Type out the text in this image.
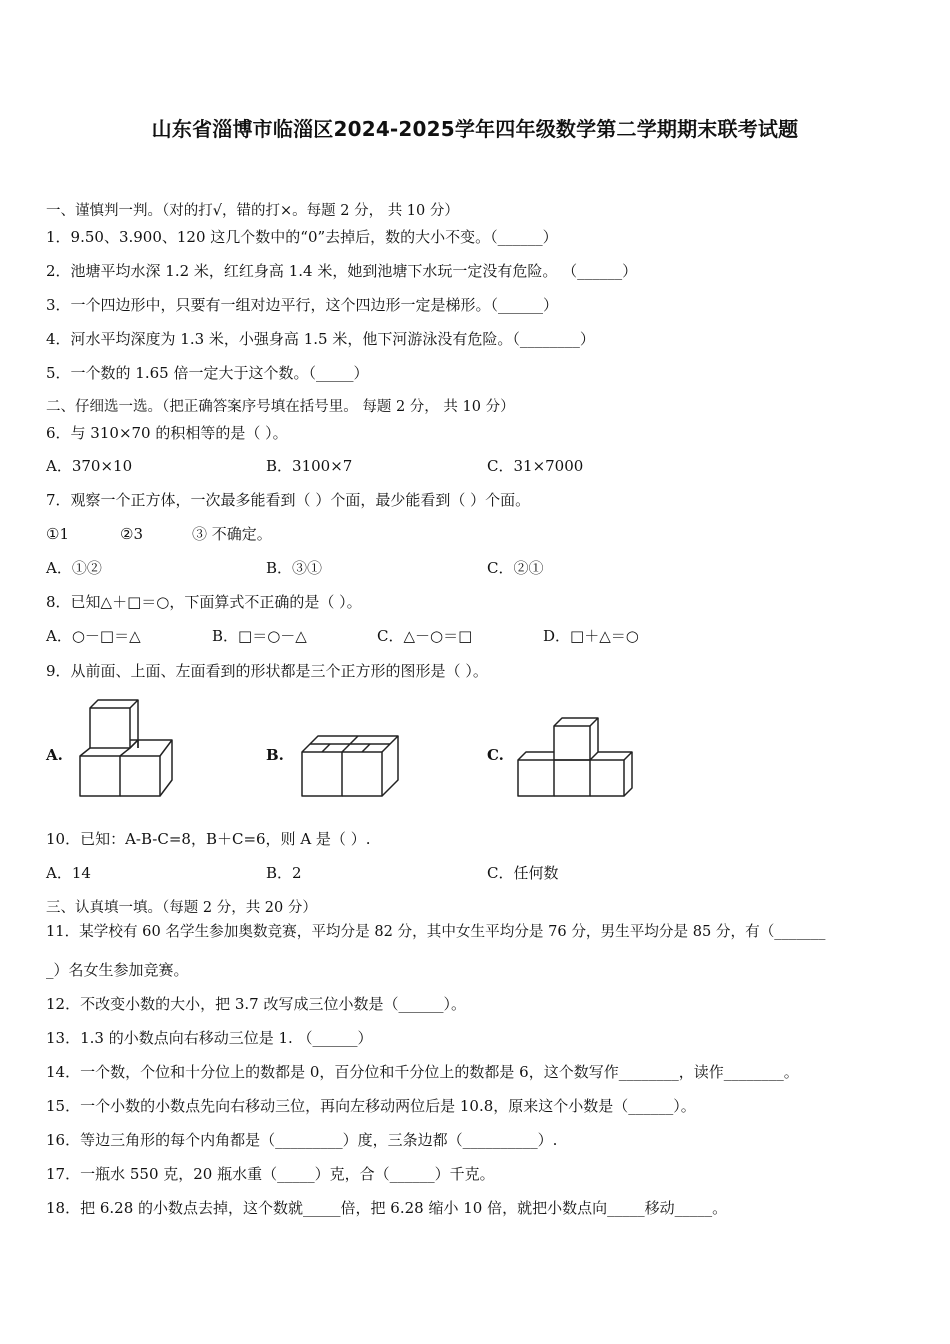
山东省淄博市临淄区2024-2025学年四年级数学第二学期期末联考试题
一、谨慎判一判。（对的打√，错的打×。每题 2 分， 共 10 分）
1．9.50、3.900、120 这几个数中的“0”去掉后，数的大小不变。（______）
2．池塘平均水深 1.2 米，红红身高 1.4 米，她到池塘下水玩一定没有危险。 （______）
3．一个四边形中，只要有一组对边平行，这个四边形一定是梯形。（______）
4．河水平均深度为 1.3 米，小强身高 1.5 米，他下河游泳没有危险。（________）
5．一个数的 1.65 倍一定大于这个数。（_____）
二、仔细选一选。（把正确答案序号填在括号里。 每题 2 分， 共 10 分）
6．与 310×70 的积相等的是（ ）。
A．370×10	B．3100×7	C．31×7000
7．观察一个正方体，一次最多能看到（ ）个面，最少能看到（ ）个面。
①1	②3	③ 不确定。
A．①②	B．③①	C．②①
8．已知△＋□＝○，下面算式不正确的是（ ）。
A．○－□＝△	B．□＝○－△	C．△－○＝□	D．□＋△＝○
9．从前面、上面、左面看到的形状都是三个正方形的图形是（ ）。
A.	B.	C.
10．已知：A-B-C=8，B＋C=6，则 A 是（ ）.
A．14	B．2	C．任何数
三、认真填一填。（每题 2 分，共 20 分）
11．某学校有 60 名学生参加奥数竞赛，平均分是 82 分，其中女生平均分是 76 分，男生平均分是 85 分，有（_______
_）名女生参加竞赛。
12．不改变小数的大小，把 3.7 改写成三位小数是（______）。
13．1.3 的小数点向右移动三位是 1. （______）
14．一个数，个位和十分位上的数都是 0，百分位和千分位上的数都是 6，这个数写作________，读作________。
15．一个小数的小数点先向右移动三位，再向左移动两位后是 10.8，原来这个小数是（______）。
16．等边三角形的每个内角都是（_________）度，三条边都（__________）.
17．一瓶水 550 克，20 瓶水重（_____）克，合（______）千克。
18．把 6.28 的小数点去掉，这个数就_____倍，把 6.28 缩小 10 倍，就把小数点向_____移动_____。
